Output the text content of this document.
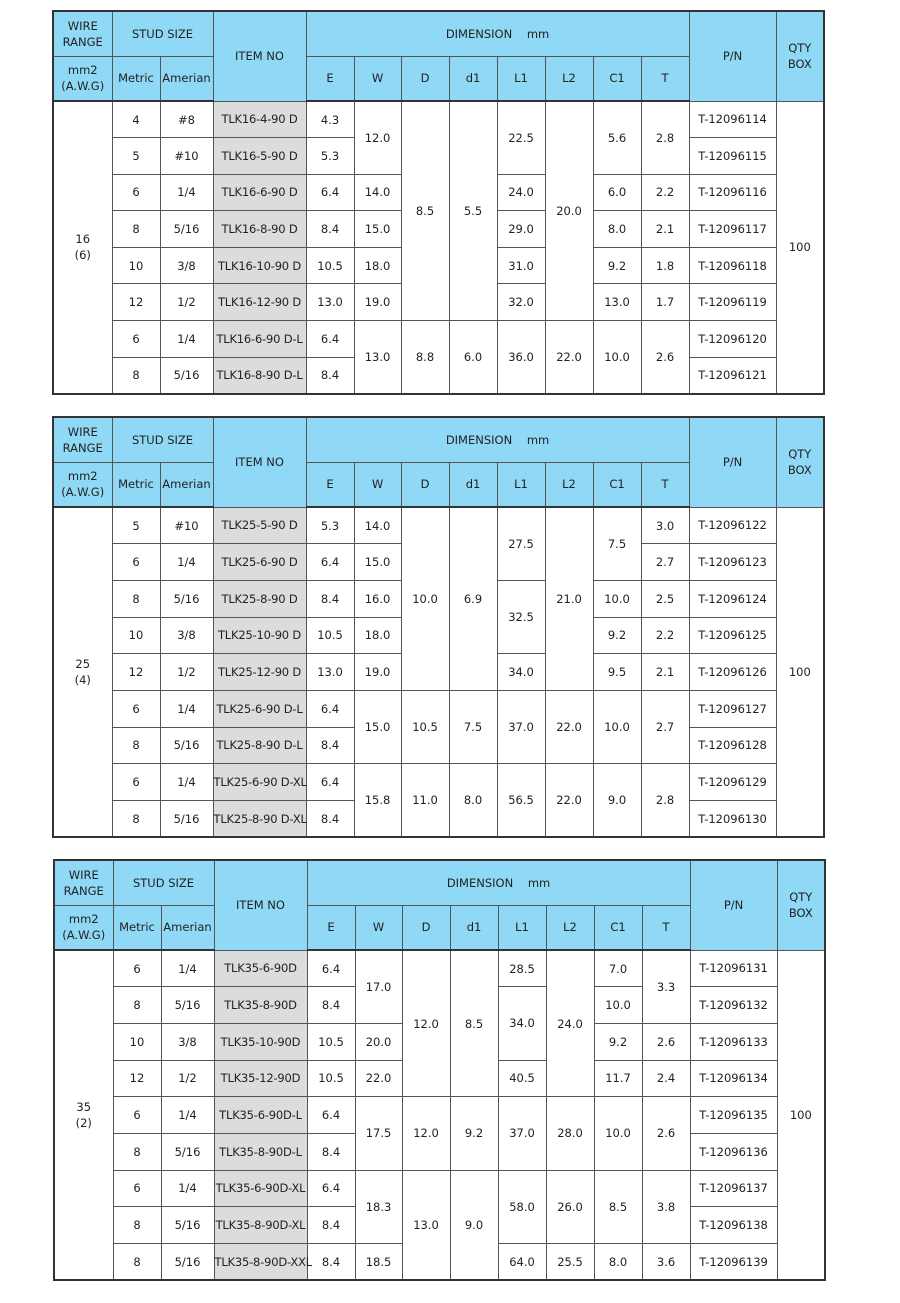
WIRE
RANGE	STUD SIZE		ITEM NO	DIMENSION    mm								P/N	QTY
BOX
mm2
(A.W.G)	Metric	Amerian		E	W	D	d1	L1	L2	C1	T		
16
(6)	4	#8	TLK16-4-90 D	4.3	12.0	8.5	5.5	22.5	20.0	5.6	2.8	T-12096114	100
	5	#10	TLK16-5-90 D	5.3								T-12096115	
	6	1/4	TLK16-6-90 D	6.4	14.0			24.0		6.0	2.2	T-12096116	
	8	5/16	TLK16-8-90 D	8.4	15.0			29.0		8.0	2.1	T-12096117	
	10	3/8	TLK16-10-90 D	10.5	18.0			31.0		9.2	1.8	T-12096118	
	12	1/2	TLK16-12-90 D	13.0	19.0			32.0		13.0	1.7	T-12096119	
	6	1/4	TLK16-6-90 D-L	6.4	13.0	8.8	6.0	36.0	22.0	10.0	2.6	T-12096120	
	8	5/16	TLK16-8-90 D-L	8.4								T-12096121	
WIRE
RANGE	STUD SIZE		ITEM NO	DIMENSION    mm								P/N	QTY
BOX
mm2
(A.W.G)	Metric	Amerian		E	W	D	d1	L1	L2	C1	T		
25
(4)	5	#10	TLK25-5-90 D	5.3	14.0	10.0	6.9	27.5	21.0	7.5	3.0	T-12096122	100
	6	1/4	TLK25-6-90 D	6.4	15.0						2.7	T-12096123	
	8	5/16	TLK25-8-90 D	8.4	16.0			32.5		10.0	2.5	T-12096124	
	10	3/8	TLK25-10-90 D	10.5	18.0					9.2	2.2	T-12096125	
	12	1/2	TLK25-12-90 D	13.0	19.0			34.0		9.5	2.1	T-12096126	
	6	1/4	TLK25-6-90 D-L	6.4	15.0	10.5	7.5	37.0	22.0	10.0	2.7	T-12096127	
	8	5/16	TLK25-8-90 D-L	8.4								T-12096128	
	6	1/4	TLK25-6-90 D-XL	6.4	15.8	11.0	8.0	56.5	22.0	9.0	2.8	T-12096129	
	8	5/16	TLK25-8-90 D-XL	8.4								T-12096130	
WIRE
RANGE	STUD SIZE		ITEM NO	DIMENSION    mm								P/N	QTY
BOX
mm2
(A.W.G)	Metric	Amerian		E	W	D	d1	L1	L2	C1	T		
35
(2)	6	1/4	TLK35-6-90D	6.4	17.0	12.0	8.5	28.5	24.0	7.0	3.3	T-12096131	100
	8	5/16	TLK35-8-90D	8.4				34.0		10.0		T-12096132	
	10	3/8	TLK35-10-90D	10.5	20.0					9.2	2.6	T-12096133	
	12	1/2	TLK35-12-90D	10.5	22.0			40.5		11.7	2.4	T-12096134	
	6	1/4	TLK35-6-90D-L	6.4	17.5	12.0	9.2	37.0	28.0	10.0	2.6	T-12096135	
	8	5/16	TLK35-8-90D-L	8.4								T-12096136	
	6	1/4	TLK35-6-90D-XL	6.4	18.3	13.0	9.0	58.0	26.0	8.5	3.8	T-12096137	
	8	5/16	TLK35-8-90D-XL	8.4								T-12096138	
	8	5/16	TLK35-8-90D-XXL	8.4	18.5			64.0	25.5	8.0	3.6	T-12096139	
